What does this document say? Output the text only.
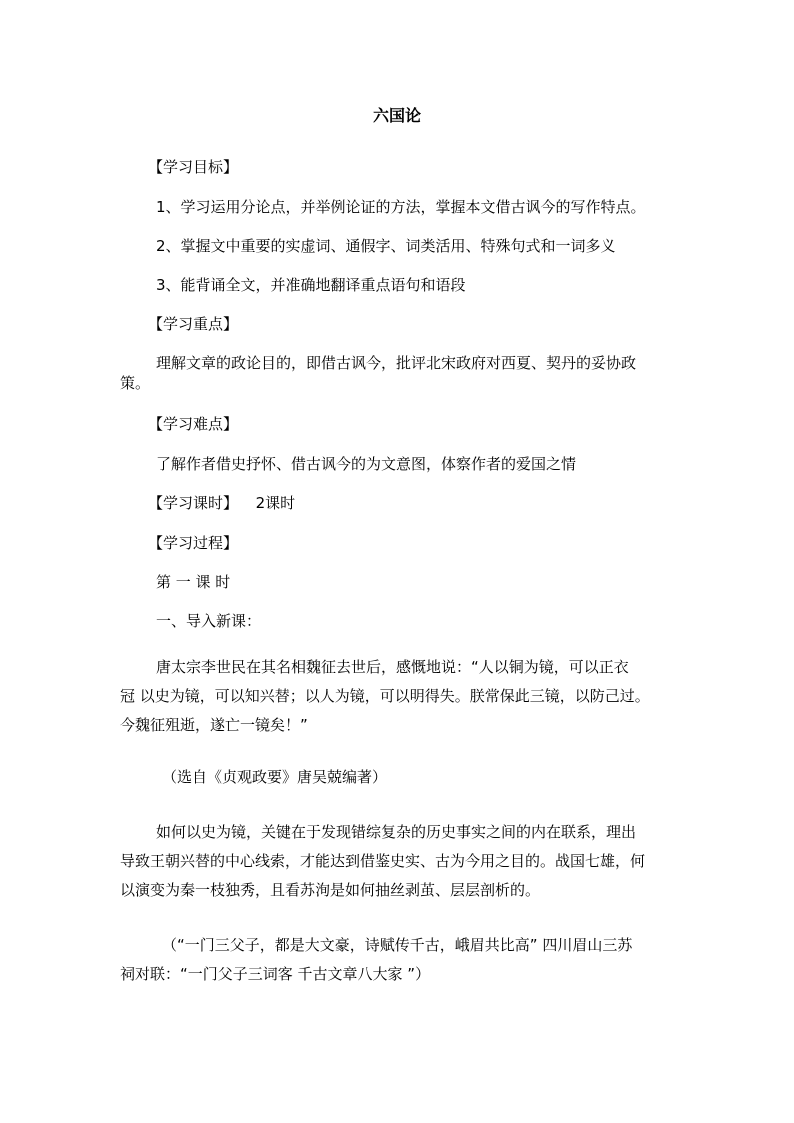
六国论
【学习目标】
1、学习运用分论点，并举例论证的方法，掌握本文借古讽今的写作特点。
2、掌握文中重要的实虚词、通假字、词类活用、特殊句式和一词多义
3、能背诵全文，并准确地翻译重点语句和语段
【学习重点】
理解文章的政论目的，即借古讽今，批评北宋政府对西夏、契丹的妥协政
策。
【学习难点】
了解作者借史抒怀、借古讽今的为文意图，体察作者的爱国之情
【学习课时】 2课时
【学习过程】
第 一 课 时
一、导入新课：
唐太宗李世民在其名相魏征去世后，感慨地说：“人以铜为镜，可以正衣
冠 以史为镜，可以知兴替；以人为镜，可以明得失。朕常保此三镜，以防己过。
今魏征殂逝，遂亡一镜矣！”
（选自《贞观政要》唐吴兢编著）
如何以史为镜，关键在于发现错综复杂的历史事实之间的内在联系，理出
导致王朝兴替的中心线索，才能达到借鉴史实、古为今用之目的。战国七雄，何
以演变为秦一枝独秀，且看苏洵是如何抽丝剥茧、层层剖析的。
（“一门三父子，都是大文豪，诗赋传千古，峨眉共比高” 四川眉山三苏
祠对联：“一门父子三词客 千古文章八大家 ”）
